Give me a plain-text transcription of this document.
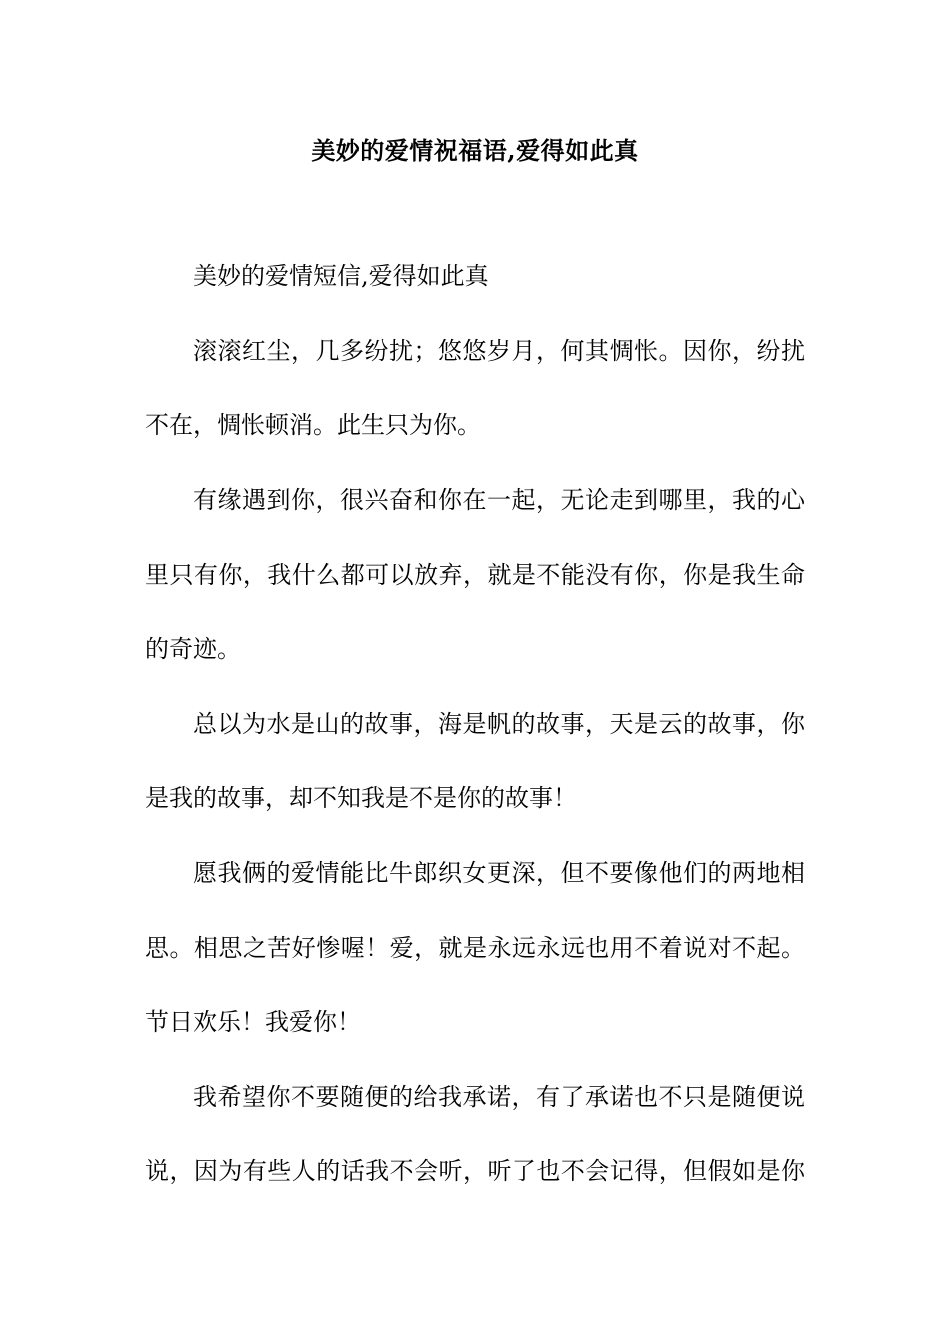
美妙的爱情祝福语,爱得如此真

美妙的爱情短信,爱得如此真

滚滚红尘，几多纷扰；悠悠岁月，何其惆怅。因你，纷扰

不在，惆怅顿消。此生只为你。

有缘遇到你，很兴奋和你在一起，无论走到哪里，我的心

里只有你，我什么都可以放弃，就是不能没有你，你是我生命

的奇迹。

总以为水是山的故事，海是帆的故事，天是云的故事，你

是我的故事，却不知我是不是你的故事！

愿我俩的爱情能比牛郎织女更深，但不要像他们的两地相

思。相思之苦好惨喔！爱，就是永远永远也用不着说对不起。

节日欢乐！我爱你！

我希望你不要随便的给我承诺，有了承诺也不只是随便说

说，因为有些人的话我不会听，听了也不会记得，但假如是你
